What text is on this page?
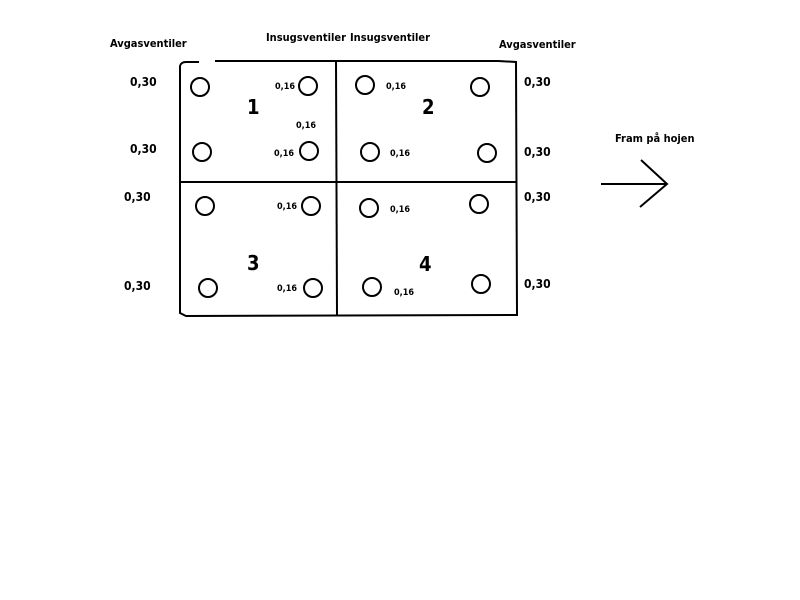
Avgasventiler	Insugsventiler Insugsventiler
Avgasventiler
1	2
3	4
0,30
0,30
0,30
0,30
0,30
0,30
0,30
0,30
0,16
0,16
0,16
0,16
0,16
0,16
0,16
0,16
0,16
Fram på hojen
